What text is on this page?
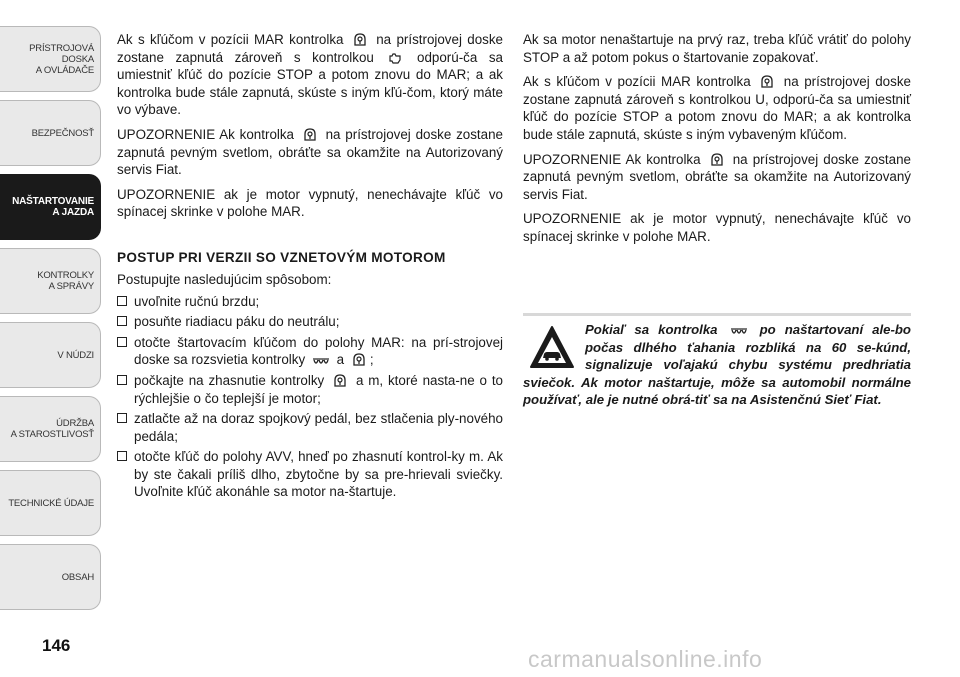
PRÍSTROJOVÁ
DOSKA
A OVLÁDAČE
BEZPEČNOSŤ
NAŠTARTOVANIE
A JAZDA
KONTROLKY
A SPRÁVY
V NÚDZI
ÚDRŽBA
A STAROSTLIVOSŤ
TECHNICKÉ ÚDAJE
OBSAH
146

Ak s kľúčom v pozícii MAR kontrolka na prístrojovej doske zostane zapnutá zároveň s kontrolkou	odporú-ča sa umiestniť kľúč do pozície STOP a potom znovu do MAR; a ak kontrolka bude stále zapnutá, skúste s iným kľú-čom, ktorý máte vo výbave.

UPOZORNENIE Ak kontrolka na prístrojovej doske zostane zapnutá pevným svetlom, obráťte sa okamžite na Autorizovaný servis Fiat.

UPOZORNENIE ak je motor vypnutý, nenechávajte kľúč vo spínacej skrinke v polohe MAR.

POSTUP PRI VERZII SO VZNETOVÝM MOTOROM

Postupujte nasledujúcim spôsobom:

uvoľnite ručnú brzdu;
posuňte riadiacu páku do neutrálu;
otočte štartovacím kľúčom do polohy MAR: na prí-strojovej doske sa rozsvietia kontrolky a ;
počkajte na zhasnutie kontrolky a m, ktoré nasta-ne o to rýchlejšie o čo teplejší je motor;
zatlačte až na doraz spojkový pedál, bez stlačenia ply-nového pedála;
otočte kľúč do polohy AVV, hneď po zhasnutí kontrol-ky m. Ak by ste čakali príliš dlho, zbytočne by sa pre-hrievali sviečky. Uvoľnite kľúč akonáhle sa motor na-štartuje.

Ak sa motor nenaštartuje na prvý raz, treba kľúč vrátiť do polohy STOP a až potom pokus o štartovanie zopakovať.

Ak s kľúčom v pozícii MAR kontrolka na prístrojovej doske zostane zapnutá zároveň s kontrolkou U, odporú-ča sa umiestniť kľúč do pozície STOP a potom znovu do MAR; a ak kontrolka bude stále zapnutá, skúste s iným vybaveným kľúčom.

UPOZORNENIE Ak kontrolka na prístrojovej doske zostane zapnutá pevným svetlom, obráťte sa okamžite na Autorizovaný servis Fiat.

UPOZORNENIE ak je motor vypnutý, nenechávajte kľúč vo spínacej skrinke v polohe MAR.

Pokiaľ sa kontrolka	po naštartovaní ale-bo počas dlhého ťahania rozbliká na 60 se-kúnd, signalizuje voľajakú chybu systému predhriatia sviečok. Ak motor naštartuje, môže sa automobil normálne používať, ale je nutné obrá-tiť sa na Asistenčnú Sieť Fiat.
carmanualsonline.info
